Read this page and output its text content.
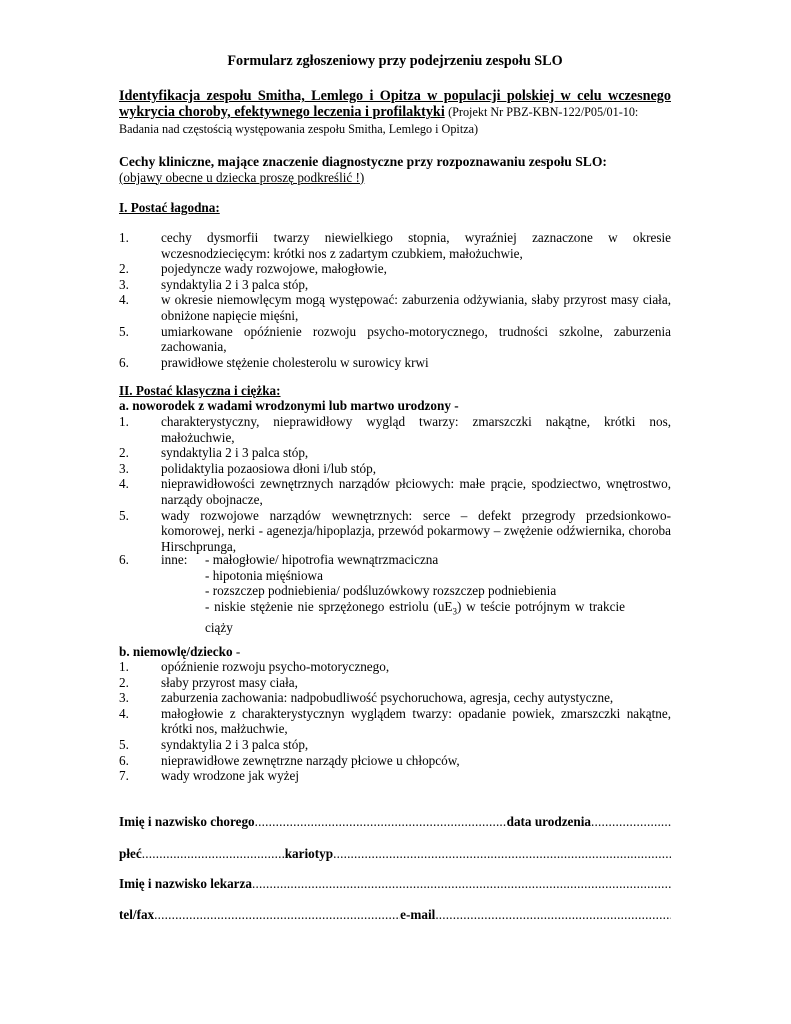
Formularz zgłoszeniowy przy podejrzeniu zespołu SLO
Identyfikacja zespołu Smitha, Lemlego i Opitza w populacji polskiej w celu wczesnego wykrycia choroby, efektywnego leczenia i profilaktyki (Projekt Nr PBZ-KBN-122/P05/01-10:
Badania nad częstością występowania zespołu Smitha, Lemlego i Opitza)
Cechy kliniczne, mające znaczenie diagnostyczne przy rozpoznawaniu zespołu SLO:
(objawy obecne u dziecka proszę podkreślić !)
I. Postać łagodna:
1.	cechy dysmorfii twarzy niewielkiego stopnia, wyraźniej zaznaczone w okresie wczesnodziecięcym: krótki nos z zadartym czubkiem, małożuchwie,
2.	pojedyncze wady rozwojowe, małogłowie,
3.	syndaktylia 2 i 3 palca stóp,
4.	w okresie niemowlęcym mogą występować: zaburzenia odżywiania, słaby przyrost masy ciała, obniżone napięcie mięśni,
5.	umiarkowane opóźnienie rozwoju psycho-motorycznego, trudności szkolne, zaburzenia zachowania,
6.	prawidłowe stężenie cholesterolu w surowicy krwi
II. Postać klasyczna i ciężka:
a. noworodek z wadami wrodzonymi lub martwo urodzony -
1.	charakterystyczny, nieprawidłowy wygląd twarzy: zmarszczki nakątne, krótki nos, małożuchwie,
2.	syndaktylia 2 i 3 palca stóp,
3.	polidaktylia pozaosiowa dłoni i/lub stóp,
4.	nieprawidłowości zewnętrznych narządów płciowych: małe prącie, spodziectwo, wnętrostwo, narządy obojnacze,
5.	wady rozwojowe narządów wewnętrznych: serce – defekt przegrody przedsionkowo-komorowej, nerki - agenezja/hipoplazja, przewód pokarmowy – zwężenie odźwiernika, choroba Hirschprunga,
6.	inne:	- małogłowie/ hipotrofia wewnątrzmaciczna
- hipotonia mięśniowa
- rozszczep podniebienia/ podśluzówkowy rozszczep podniebienia
- niskie stężenie nie sprzężonego estriolu $(uE_3)$ w teście potrójnym w trakcie ciąży
b. niemowlę/dziecko -
1.	opóźnienie rozwoju psycho-motorycznego,
2.	słaby przyrost masy ciała,
3.	zaburzenia zachowania: nadpobudliwość psychoruchowa, agresja, cechy autystyczne,
4.	małogłowie z charakterystycznyn wyglądem twarzy: opadanie powiek, zmarszczki nakątne, krótki nos, małżuchwie,
5.	syndaktylia 2 i 3 palca stóp,
6.	nieprawidłowe zewnętrzne narządy płciowe u chłopców,
7.	wady wrodzone jak wyżej
Imię i nazwisko chorego .....	data urodzenia
.....
płeć .....	kariotyp
.....
Imię i nazwisko lekarza
.....
tel/fax .....	e-mail
.....
